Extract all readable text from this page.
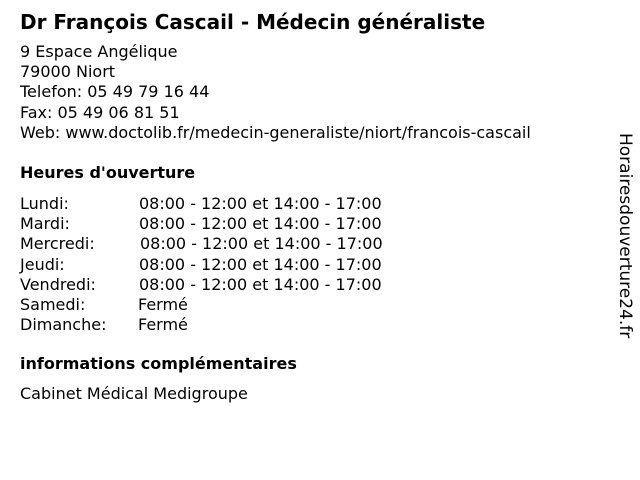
Dr François Cascail - Médecin généraliste
9 Espace Angélique
79000 Niort
Telefon: 05 49 79 16 44
Fax: 05 49 06 81 51
Web: www.doctolib.fr/medecin-generaliste/niort/francois-cascail
Heures d'ouverture
Lundi:	08:00 - 12:00 et 14:00 - 17:00
Mardi:	08:00 - 12:00 et 14:00 - 17:00
Mercredi:	08:00 - 12:00 et 14:00 - 17:00
Jeudi:	08:00 - 12:00 et 14:00 - 17:00
Vendredi:	08:00 - 12:00 et 14:00 - 17:00
Samedi:	Fermé
Dimanche: Fermé
informations complémentaires
Cabinet Médical Medigroupe
Horairesdouverture24.fr
